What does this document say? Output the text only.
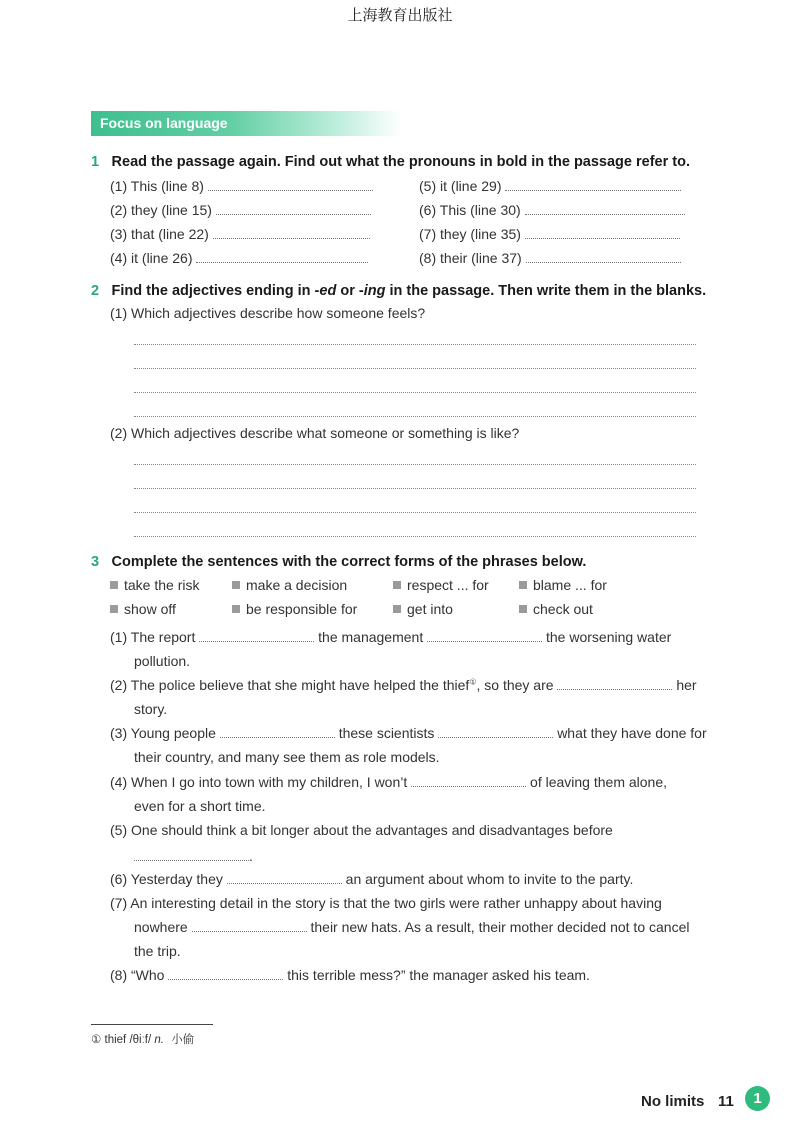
上海教育出版社
Focus on language
1 Read the passage again. Find out what the pronouns in bold in the passage refer to.
(1) This (line 8)
(2) they (line 15)
(3) that (line 22)
(4) it (line 26)
(5) it (line 29)
(6) This (line 30)
(7) they (line 35)
(8) their (line 37)
2 Find the adjectives ending in -ed or -ing in the passage. Then write them in the blanks.
(1) Which adjectives describe how someone feels?
(2) Which adjectives describe what someone or something is like?
3 Complete the sentences with the correct forms of the phrases below.
take the risk	make a decision	respect ... for	blame ... for
show off	be responsible for	get into	check out
(1) The report	the management	the worsening water
pollution.
(2) The police believe that she might have helped the thief①, so they are	her
story.
(3) Young people	these scientists	what they have done for
their country, and many see them as role models.
(4) When I go into town with my children, I won’t	of leaving them alone,
even for a short time.
(5) One should think a bit longer about the advantages and disadvantages before
.
(6) Yesterday they	an argument about whom to invite to the party.
(7) An interesting detail in the story is that the two girls were rather unhappy about having
nowhere	their new hats. As a result, their mother decided not to cancel
the trip.
(8) “Who	this terrible mess?” the manager asked his team.
① thief /θiːf/ n. 小偷
No limits 11	1
